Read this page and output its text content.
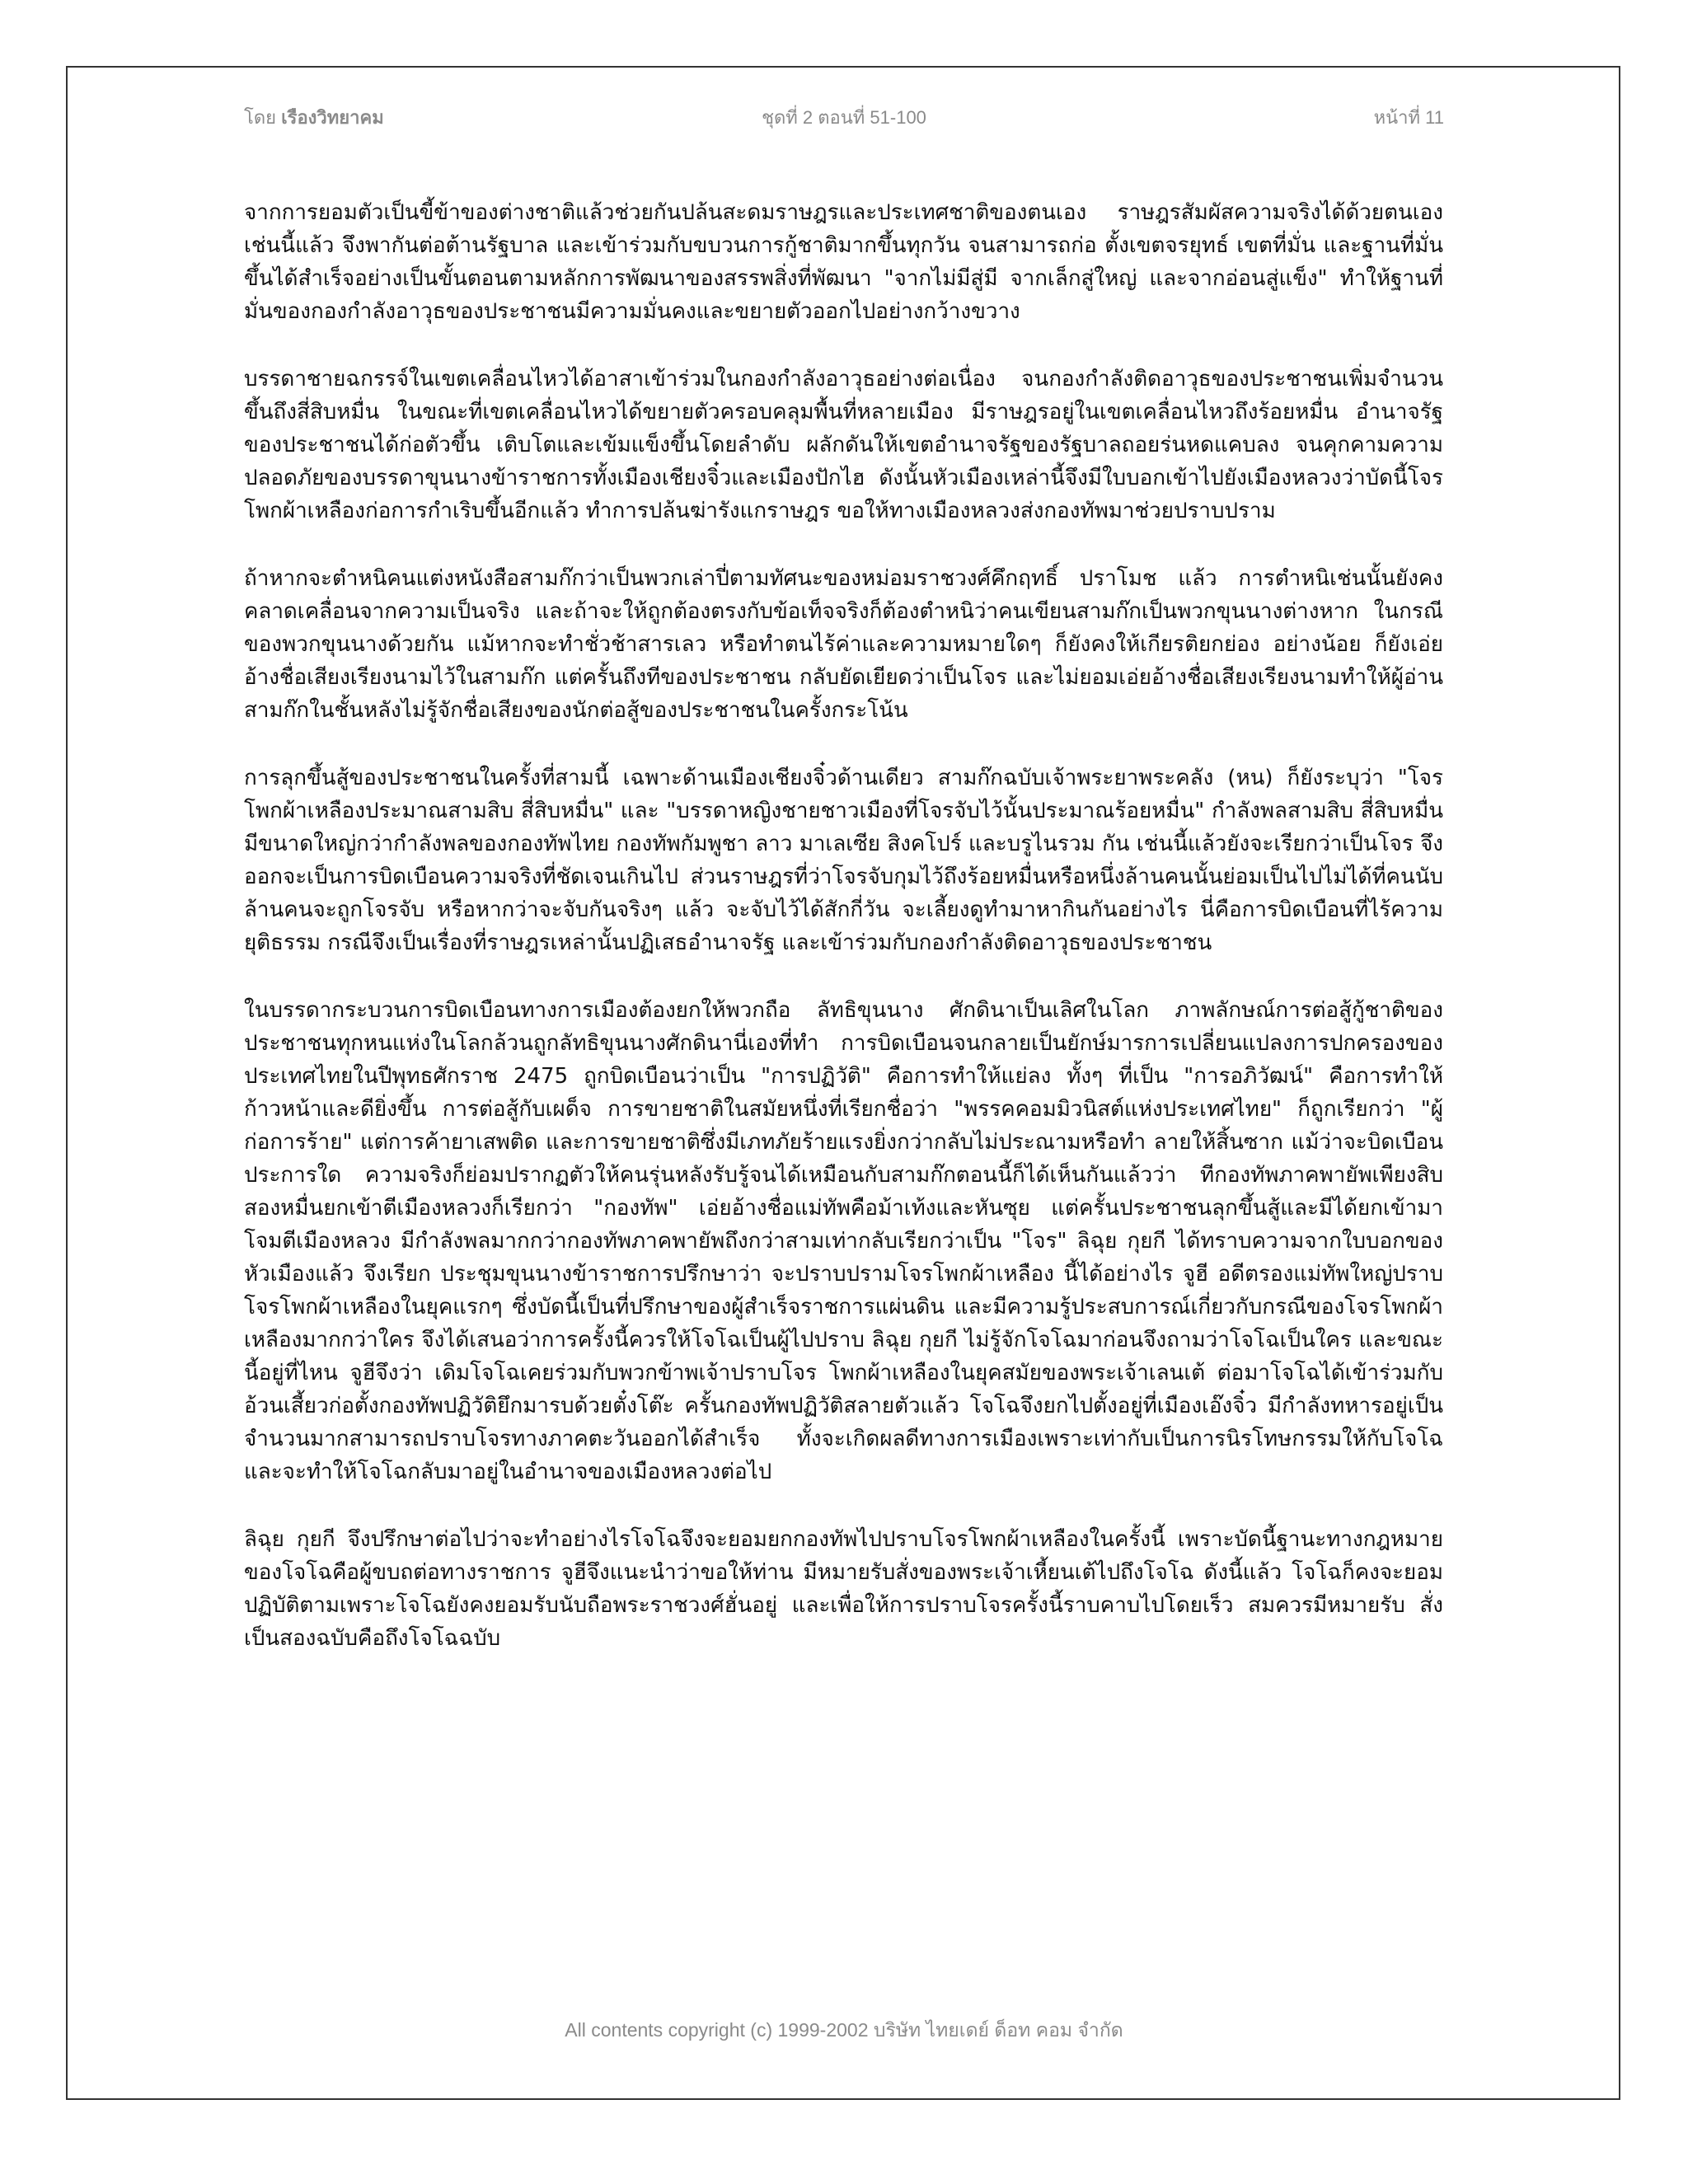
โดย เรืองวิทยาคม	ชุดที่ 2 ตอนที่ 51-100	หน้าที่ 11

จากการยอมตัวเป็นขี้ข้าของต่างชาติแล้วช่วยกันปล้นสะดมราษฎรและประเทศชาติของตนเอง ราษฎรสัมผัสความจริงได้ด้วยตนเองเช่นนี้แล้ว จึงพากันต่อต้านรัฐบาล และเข้าร่วมกับขบวนการกู้ชาติมากขึ้นทุกวัน จนสามารถก่อ ตั้งเขตจรยุทธ์ เขตที่มั่น และฐานที่มั่นขึ้นได้สำเร็จอย่างเป็นขั้นตอนตามหลักการพัฒนาของสรรพสิ่งที่พัฒนา "จากไม่มีสู่มี จากเล็กสู่ใหญ่ และจากอ่อนสู่แข็ง" ทำให้ฐานที่มั่นของกองกำลังอาวุธของประชาชนมีความมั่นคงและขยายตัวออกไปอย่างกว้างขวาง

บรรดาชายฉกรรจ์ในเขตเคลื่อนไหวได้อาสาเข้าร่วมในกองกำลังอาวุธอย่างต่อเนื่อง จนกองกำลังติดอาวุธของประชาชนเพิ่มจำนวนขึ้นถึงสี่สิบหมื่น ในขณะที่เขตเคลื่อนไหวได้ขยายตัวครอบคลุมพื้นที่หลายเมือง มีราษฎรอยู่ในเขตเคลื่อนไหวถึงร้อยหมื่น อำนาจรัฐของประชาชนได้ก่อตัวขึ้น เติบโตและเข้มแข็งขึ้นโดยลำดับ ผลักดันให้เขตอำนาจรัฐของรัฐบาลถอยร่นหดแคบลง จนคุกคามความปลอดภัยของบรรดาขุนนางข้าราชการทั้งเมืองเชียงจิ๋วและเมืองปักไฮ ดังนั้นหัวเมืองเหล่านี้จึงมีใบบอกเข้าไปยังเมืองหลวงว่าบัดนี้โจรโพกผ้าเหลืองก่อการกำเริบขึ้นอีกแล้ว ทำการปล้นฆ่ารังแกราษฎร ขอให้ทางเมืองหลวงส่งกองทัพมาช่วยปราบปราม

ถ้าหากจะตำหนิคนแต่งหนังสือสามก๊กว่าเป็นพวกเล่าปี่ตามทัศนะของหม่อมราชวงศ์คึกฤทธิ์ ปราโมช แล้ว การตำหนิเช่นนั้นยังคงคลาดเคลื่อนจากความเป็นจริง และถ้าจะให้ถูกต้องตรงกับข้อเท็จจริงก็ต้องตำหนิว่าคนเขียนสามก๊กเป็นพวกขุนนางต่างหาก ในกรณีของพวกขุนนางด้วยกัน แม้หากจะทำชั่วช้าสารเลว หรือทำตนไร้ค่าและความหมายใดๆ ก็ยังคงให้เกียรติยกย่อง อย่างน้อย ก็ยังเอ่ยอ้างชื่อเสียงเรียงนามไว้ในสามก๊ก แต่ครั้นถึงทีของประชาชน กลับยัดเยียดว่าเป็นโจร และไม่ยอมเอ่ยอ้างชื่อเสียงเรียงนามทำให้ผู้อ่านสามก๊กในชั้นหลังไม่รู้จักชื่อเสียงของนักต่อสู้ของประชาชนในครั้งกระโน้น

การลุกขึ้นสู้ของประชาชนในครั้งที่สามนี้ เฉพาะด้านเมืองเชียงจิ๋วด้านเดียว สามก๊กฉบับเจ้าพระยาพระคลัง (หน) ก็ยังระบุว่า "โจรโพกผ้าเหลืองประมาณสามสิบ สี่สิบหมื่น" และ "บรรดาหญิงชายชาวเมืองที่โจรจับไว้นั้นประมาณร้อยหมื่น" กำลังพลสามสิบ สี่สิบหมื่น มีขนาดใหญ่กว่ากำลังพลของกองทัพไทย กองทัพกัมพูชา ลาว มาเลเซีย สิงคโปร์ และบรูไนรวม กัน เช่นนี้แล้วยังจะเรียกว่าเป็นโจร จึงออกจะเป็นการบิดเบือนความจริงที่ชัดเจนเกินไป ส่วนราษฎรที่ว่าโจรจับกุมไว้ถึงร้อยหมื่นหรือหนึ่งล้านคนนั้นย่อมเป็นไปไม่ได้ที่คนนับล้านคนจะถูกโจรจับ หรือหากว่าจะจับกันจริงๆ แล้ว จะจับไว้ได้สักกี่วัน จะเลี้ยงดูทำมาหากินกันอย่างไร นี่คือการบิดเบือนที่ไร้ความยุติธรรม กรณีจึงเป็นเรื่องที่ราษฎรเหล่านั้นปฏิเสธอำนาจรัฐ และเข้าร่วมกับกองกำลังติดอาวุธของประชาชน

ในบรรดากระบวนการบิดเบือนทางการเมืองต้องยกให้พวกถือ ลัทธิขุนนาง ศักดินาเป็นเลิศในโลก ภาพลักษณ์การต่อสู้กู้ชาติของประชาชนทุกหนแห่งในโลกล้วนถูกลัทธิขุนนางศักดินานี่เองที่ทำ การบิดเบือนจนกลายเป็นยักษ์มารการเปลี่ยนแปลงการปกครองของประเทศไทยในปีพุทธศักราช 2475 ถูกบิดเบือนว่าเป็น "การปฏิวัติ" คือการทำให้แย่ลง ทั้งๆ ที่เป็น "การอภิวัฒน์" คือการทำให้ก้าวหน้าและดียิ่งขึ้น การต่อสู้กับเผด็จ การขายชาติในสมัยหนึ่งที่เรียกชื่อว่า "พรรคคอมมิวนิสต์แห่งประเทศไทย" ก็ถูกเรียกว่า "ผู้ก่อการร้าย" แต่การค้ายาเสพติด และการขายชาติซึ่งมีเภทภัยร้ายแรงยิ่งกว่ากลับไม่ประณามหรือทำ ลายให้สิ้นซาก แม้ว่าจะบิดเบือนประการใด ความจริงก็ย่อมปรากฏตัวให้คนรุ่นหลังรับรู้จนได้เหมือนกับสามก๊กตอนนี้ก็ได้เห็นกันแล้วว่า ทีกองทัพภาคพายัพเพียงสิบสองหมื่นยกเข้าตีเมืองหลวงก็เรียกว่า "กองทัพ" เอ่ยอ้างชื่อแม่ทัพคือม้าเท้งและหันซุย แต่ครั้นประชาชนลุกขึ้นสู้และมีได้ยกเข้ามาโจมตีเมืองหลวง มีกำลังพลมากกว่ากองทัพภาคพายัพถึงกว่าสามเท่ากลับเรียกว่าเป็น "โจร" ลิฉุย กุยกี ได้ทราบความจากใบบอกของหัวเมืองแล้ว จึงเรียก ประชุมขุนนางข้าราชการปรึกษาว่า จะปราบปรามโจรโพกผ้าเหลือง นี้ได้อย่างไร จูฮี อดีตรองแม่ทัพใหญ่ปราบโจรโพกผ้าเหลืองในยุคแรกๆ ซึ่งบัดนี้เป็นที่ปรึกษาของผู้สำเร็จราชการแผ่นดิน และมีความรู้ประสบการณ์เกี่ยวกับกรณีของโจรโพกผ้าเหลืองมากกว่าใคร จึงได้เสนอว่าการครั้งนี้ควรให้โจโฉเป็นผู้ไปปราบ ลิฉุย กุยกี ไม่รู้จักโจโฉมาก่อนจึงถามว่าโจโฉเป็นใคร และขณะนี้อยู่ที่ไหน จูฮีจึงว่า เดิมโจโฉเคยร่วมกับพวกข้าพเจ้าปราบโจร โพกผ้าเหลืองในยุคสมัยของพระเจ้าเลนเต้ ต่อมาโจโฉได้เข้าร่วมกับอ้วนเสี้ยวก่อตั้งกองทัพปฏิวัติยึกมารบด้วยตั๋งโต๊ะ ครั้นกองทัพปฏิวัติสลายตัวแล้ว โจโฉจึงยกไปตั้งอยู่ที่เมืองเอ๊งจิ๋ว มีกำลังทหารอยู่เป็นจำนวนมากสามารถปราบโจรทางภาคตะวันออกได้สำเร็จ ทั้งจะเกิดผลดีทางการเมืองเพราะเท่ากับเป็นการนิรโทษกรรมให้กับโจโฉ และจะทำให้โจโฉกลับมาอยู่ในอำนาจของเมืองหลวงต่อไป

ลิฉุย กุยกี จึงปรึกษาต่อไปว่าจะทำอย่างไรโจโฉจึงจะยอมยกกองทัพไปปราบโจรโพกผ้าเหลืองในครั้งนี้ เพราะบัดนี้ฐานะทางกฎหมายของโจโฉคือผู้ขบถต่อทางราชการ จูฮีจึงแนะนำว่าขอให้ท่าน มีหมายรับสั่งของพระเจ้าเหี้ยนเต้ไปถึงโจโฉ ดังนี้แล้ว โจโฉก็คงจะยอมปฏิบัติตามเพราะโจโฉยังคงยอมรับนับถือพระราชวงศ์ฮั่นอยู่ และเพื่อให้การปราบโจรครั้งนี้ราบคาบไปโดยเร็ว สมควรมีหมายรับ สั่งเป็นสองฉบับคือถึงโจโฉฉบับ

All contents copyright (c) 1999-2002 บริษัท ไทยเดย์ ด็อท คอม จำกัด
